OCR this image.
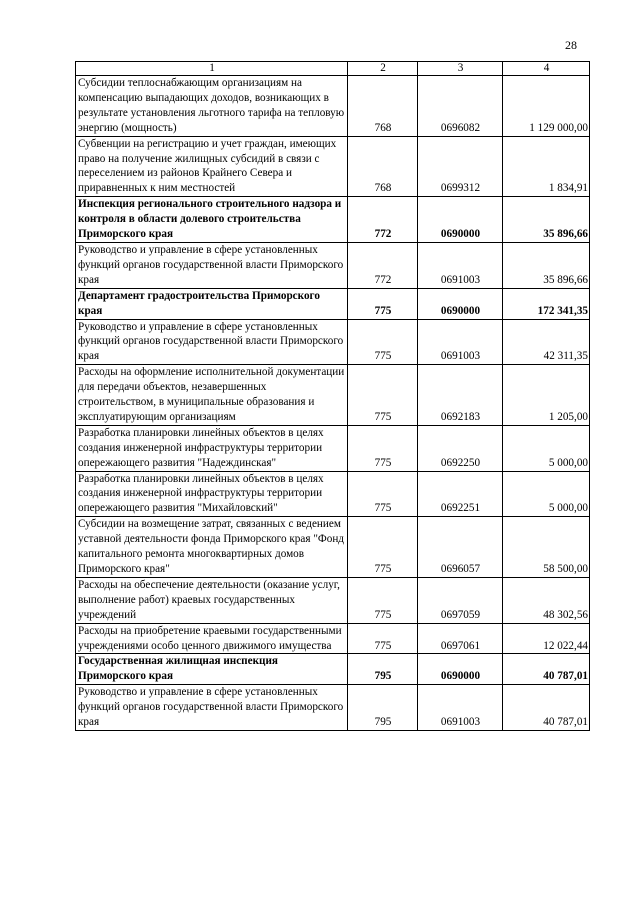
28
1	2	3	4
Субсидии теплоснабжающим организациям на компенсацию выпадающих доходов, возникающих в результате установления льготного тарифа на тепловую энергию (мощность)	768	0696082	1 129 000,00
Субвенции на регистрацию и учет граждан, имеющих право на получение жилищных субсидий в связи с переселением из районов Крайнего Севера и приравненных к ним местностей	768	0699312	1 834,91
Инспекция регионального строительного надзора и контроля в области долевого строительства Приморского края	772	0690000	35 896,66
Руководство и управление в сфере установленных функций органов государственной власти Приморского края	772	0691003	35 896,66
Департамент градостроительства Приморского края	775	0690000	172 341,35
Руководство и управление в сфере установленных функций органов государственной власти Приморского края	775	0691003	42 311,35
Расходы на оформление исполнительной документации для передачи объектов, незавершенных строительством, в муниципальные образования и эксплуатирующим организациям	775	0692183	1 205,00
Разработка планировки линейных объектов в целях создания инженерной инфраструктуры территории опережающего развития "Надеждинская"	775	0692250	5 000,00
Разработка планировки линейных объектов в целях создания инженерной инфраструктуры территории опережающего развития "Михайловский"	775	0692251	5 000,00
Субсидии на возмещение затрат, связанных с ведением уставной деятельности фонда Приморского края "Фонд капитального ремонта многоквартирных домов Приморского края"	775	0696057	58 500,00
Расходы на обеспечение деятельности (оказание услуг, выполнение работ) краевых государственных учреждений	775	0697059	48 302,56
Расходы на приобретение краевыми государственными учреждениями особо ценного движимого имущества	775	0697061	12 022,44
Государственная жилищная инспекция Приморского края	795	0690000	40 787,01
Руководство и управление в сфере установленных функций органов государственной власти Приморского края	795	0691003	40 787,01
